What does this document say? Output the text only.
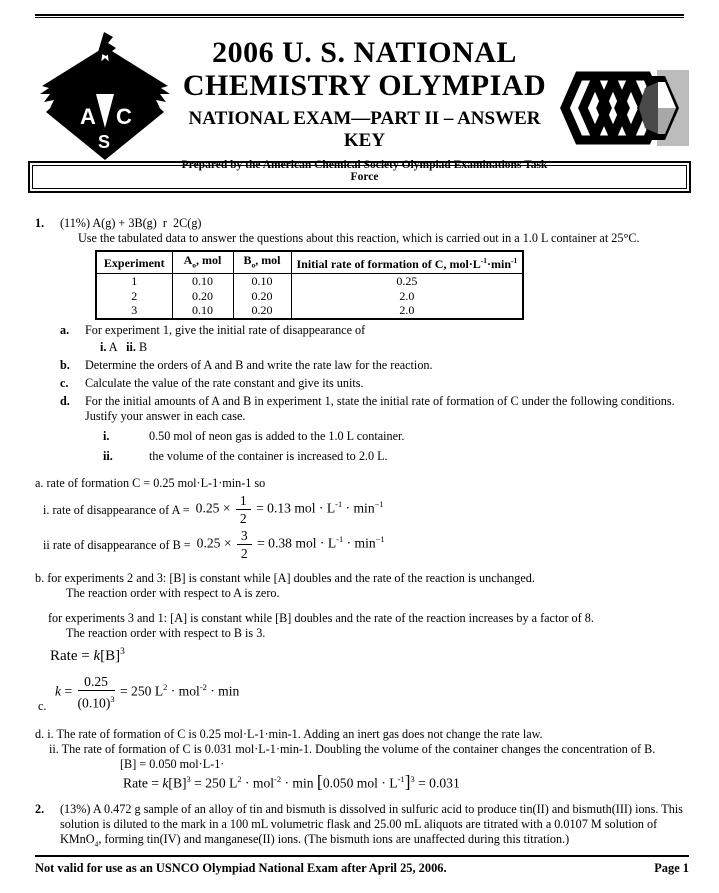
A C
S
2006 U. S. NATIONAL
CHEMISTRY OLYMPIAD
NATIONAL EXAM—PART II – ANSWER KEY
Prepared by the American Chemical Society Olympiad Examinations Task Force
1.	(11%) A(g) + 3B(g)  r  2C(g)
Use the tabulated data to answer the questions about this reaction, which is carried out in a 1.0 L container at 25°C.
Experiment	$A_o$, mol	$B_o$, mol	Initial rate of formation of C, $mol\cdot L^{-1}\cdot\min^{-1}$
1	0.10	0.10	0.25
2	0.20	0.20	2.0
3	0.10	0.20	2.0
a.	For experiment 1, give the initial rate of disappearance of
i. A   ii. B
b.	Determine the orders of A and B and write the rate law for the reaction.
c.	Calculate the value of the rate constant and give its units.
d.	For the initial amounts of A and B in experiment 1, state the initial rate of formation of C under the following conditions. Justify your answer in each case.
i.	0.50 mol of neon gas is added to the 1.0 L container.
ii.	the volume of the container is increased to 2.0 L.
a. rate of formation C = 0.25 mol·L-1·min-1 so
i. rate of disappearance of $A = 0.25 \times \frac{1}{2} = 0.13$ mol · $L^{-1} \cdot \min^{-1}$
ii rate of disappearance of $B = 0.25 \times \frac{3}{2} = 0.38$ mol · $L^{-1} \cdot \min^{-1}$
b. for experiments 2 and 3: [B] is constant while [A] doubles and the rate of the reaction is unchanged.
The reaction order with respect to A is zero.
for experiments 3 and 1: [A] is constant while [B] doubles and the rate of the reaction increases by a factor of 8.
The reaction order with respect to B is 3.
Rate = $k[B]^3$
$k = \frac{0.25}{(0.10)^3} = 250$ $L^2 \cdot mol^{-2} \cdot \min$
c.
d. i. The rate of formation of C is 0.25 mol·L-1·min-1. Adding an inert gas does not change the rate law.
ii. The rate of formation of C is 0.031 mol·L-1·min-1. Doubling the volume of the container changes the concentration of B.
[B] = 0.050 mol·L-1·
Rate = $k[B]^3 = 250$ $L^2 \cdot mol^{-2} \cdot \min [0.050$ mol · $L^{-1}]^3 = 0.031$
2.	(13%) A 0.472 g sample of an alloy of tin and bismuth is dissolved in sulfuric acid to produce tin(II) and bismuth(III) ions. This solution is diluted to the mark in a 100 mL volumetric flask and 25.00 mL aliquots are titrated with a 0.0107 M solution of KMnO$_4$, forming tin(IV) and manganese(II) ions. (The bismuth ions are unaffected during this titration.)
Not valid for use as an USNCO Olympiad National Exam after April 25, 2006.	Page 1
